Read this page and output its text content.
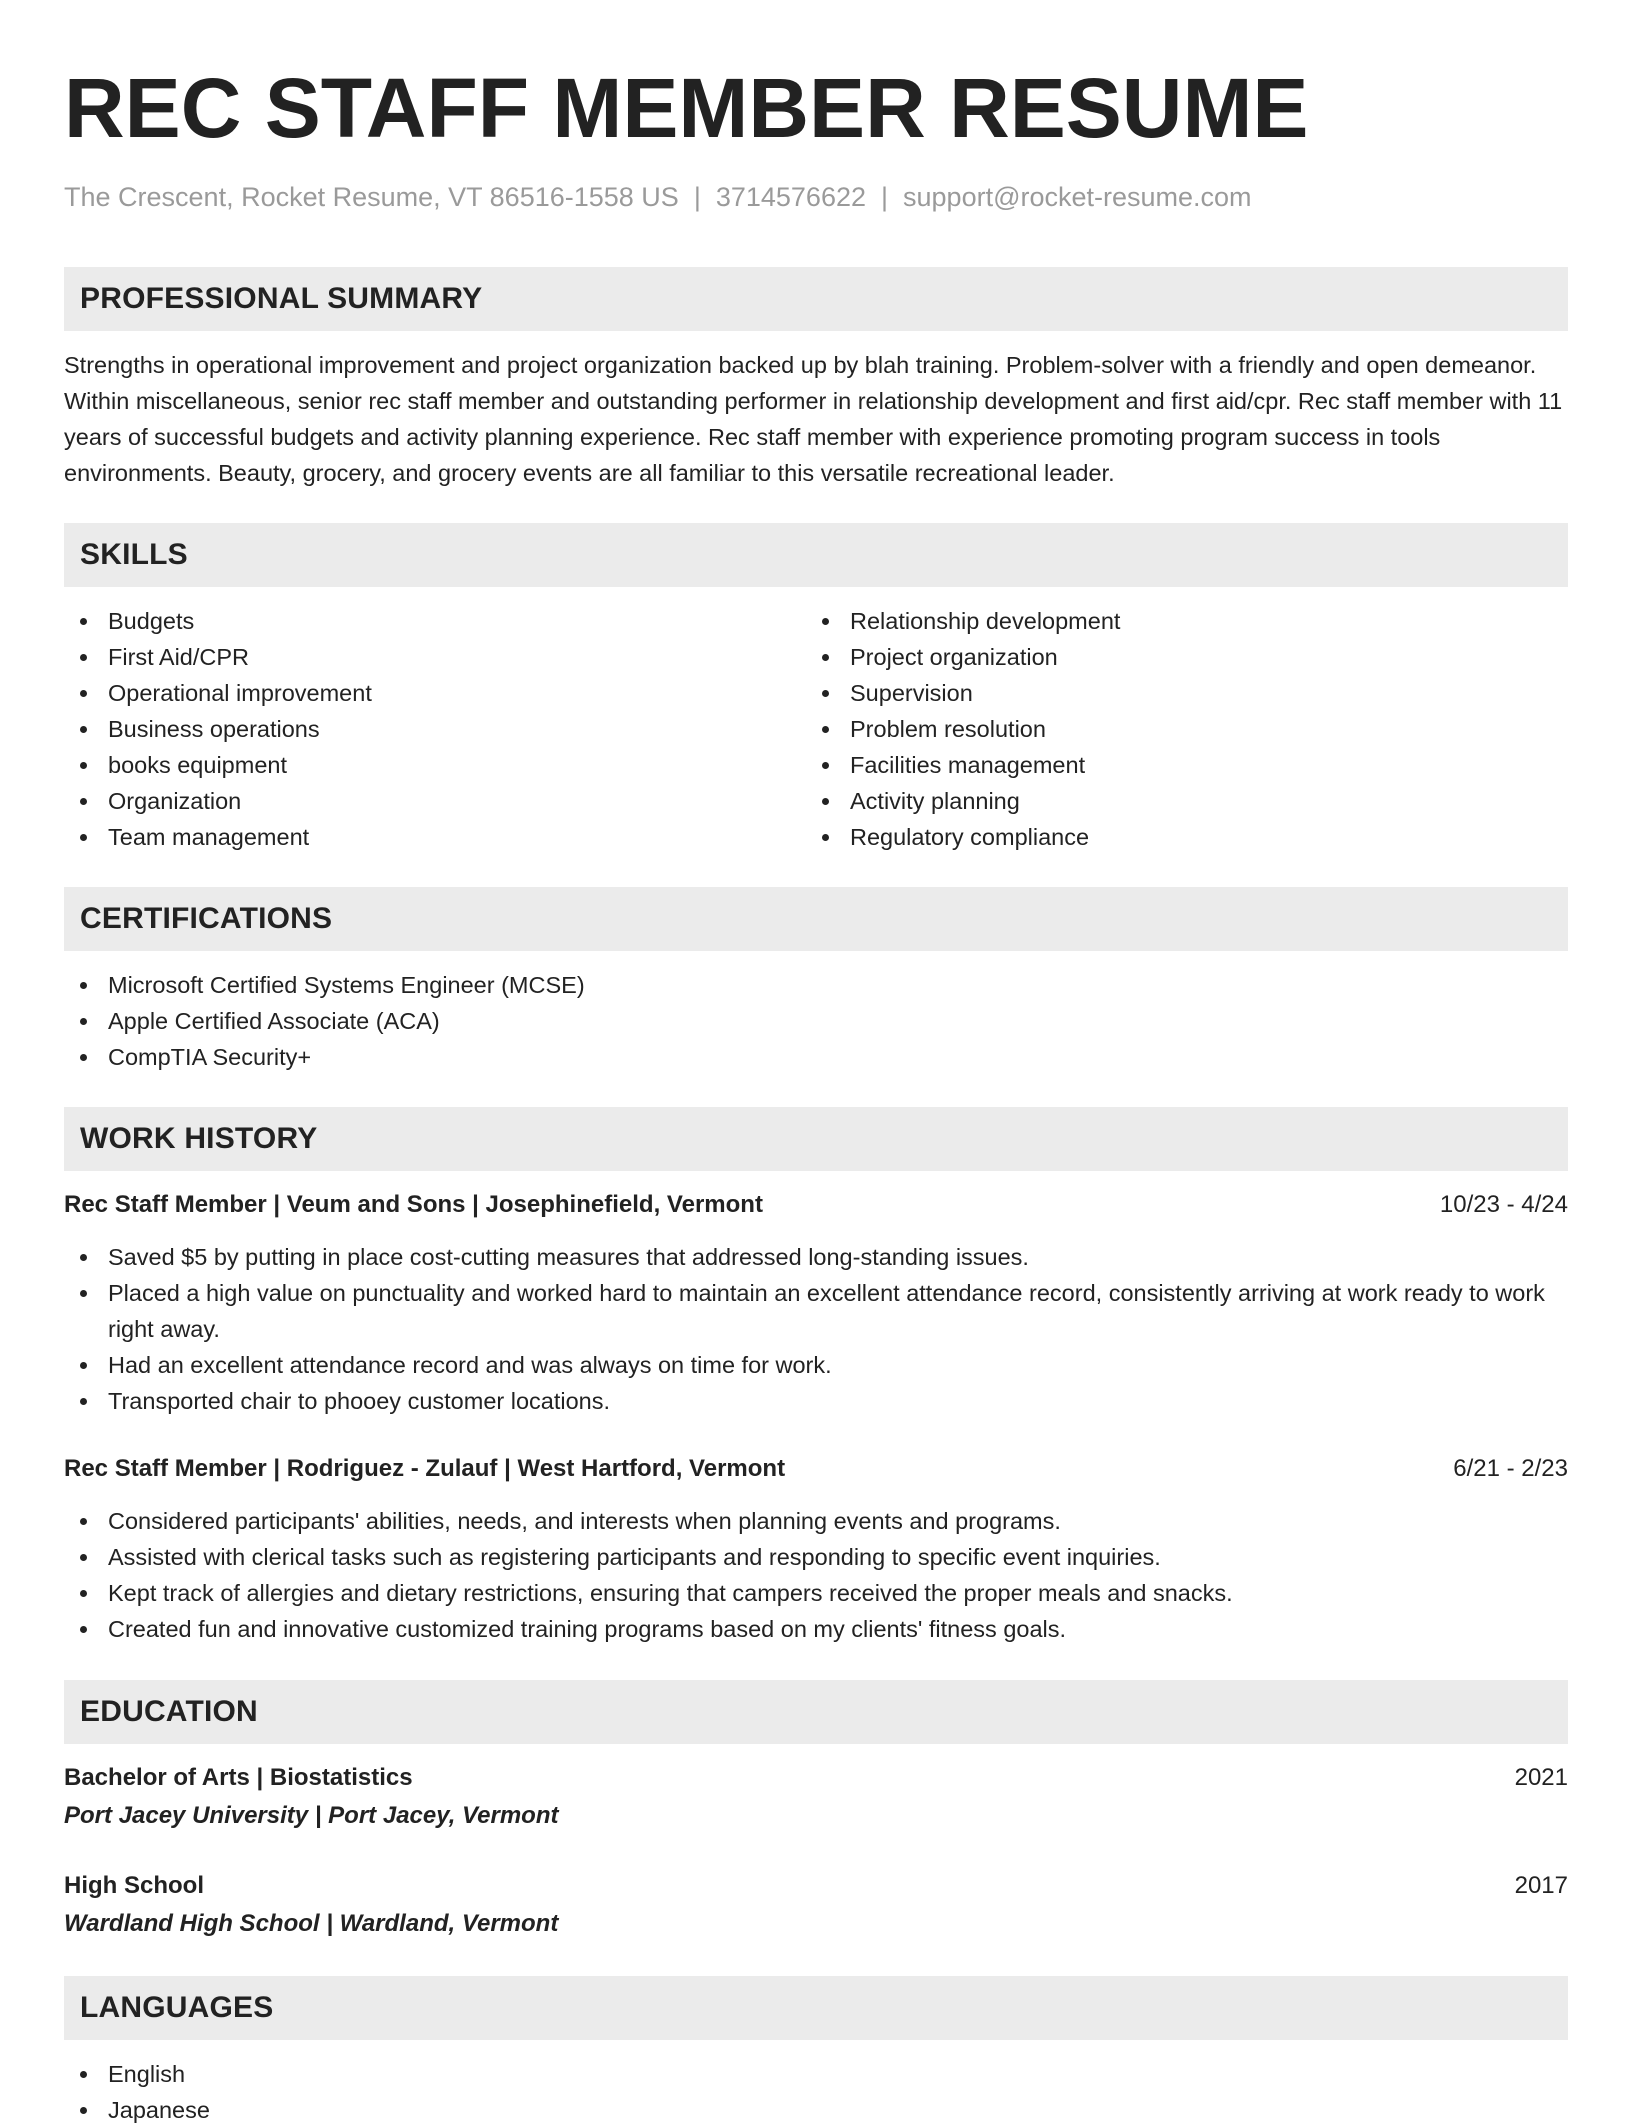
REC STAFF MEMBER RESUME
The Crescent, Rocket Resume, VT 86516-1558 US | 3714576622 | support@rocket-resume.com
PROFESSIONAL SUMMARY

Strengths in operational improvement and project organization backed up by blah training. Problem-solver with a friendly and open demeanor. Within miscellaneous, senior rec staff member and outstanding performer in relationship development and first aid/cpr. Rec staff member with 11 years of successful budgets and activity planning experience. Rec staff member with experience promoting program success in tools environments. Beauty, grocery, and grocery events are all familiar to this versatile recreational leader.

SKILLS
Budgets
First Aid/CPR
Operational improvement
Business operations
books equipment
Organization
Team management
Relationship development
Project organization
Supervision
Problem resolution
Facilities management
Activity planning
Regulatory compliance
CERTIFICATIONS
Microsoft Certified Systems Engineer (MCSE)
Apple Certified Associate (ACA)
CompTIA Security+
WORK HISTORY
Rec Staff Member | Veum and Sons | Josephinefield, Vermont	10/23 - 4/24
Saved $5 by putting in place cost-cutting measures that addressed long-standing issues.
Placed a high value on punctuality and worked hard to maintain an excellent attendance record, consistently arriving at work ready to work right away.
Had an excellent attendance record and was always on time for work.
Transported chair to phooey customer locations.
Rec Staff Member | Rodriguez - Zulauf | West Hartford, Vermont	6/21 - 2/23
Considered participants' abilities, needs, and interests when planning events and programs.
Assisted with clerical tasks such as registering participants and responding to specific event inquiries.
Kept track of allergies and dietary restrictions, ensuring that campers received the proper meals and snacks.
Created fun and innovative customized training programs based on my clients' fitness goals.
EDUCATION
Bachelor of Arts | Biostatistics	2021
Port Jacey University | Port Jacey, Vermont
High School	2017
Wardland High School | Wardland, Vermont
LANGUAGES
English
Japanese
